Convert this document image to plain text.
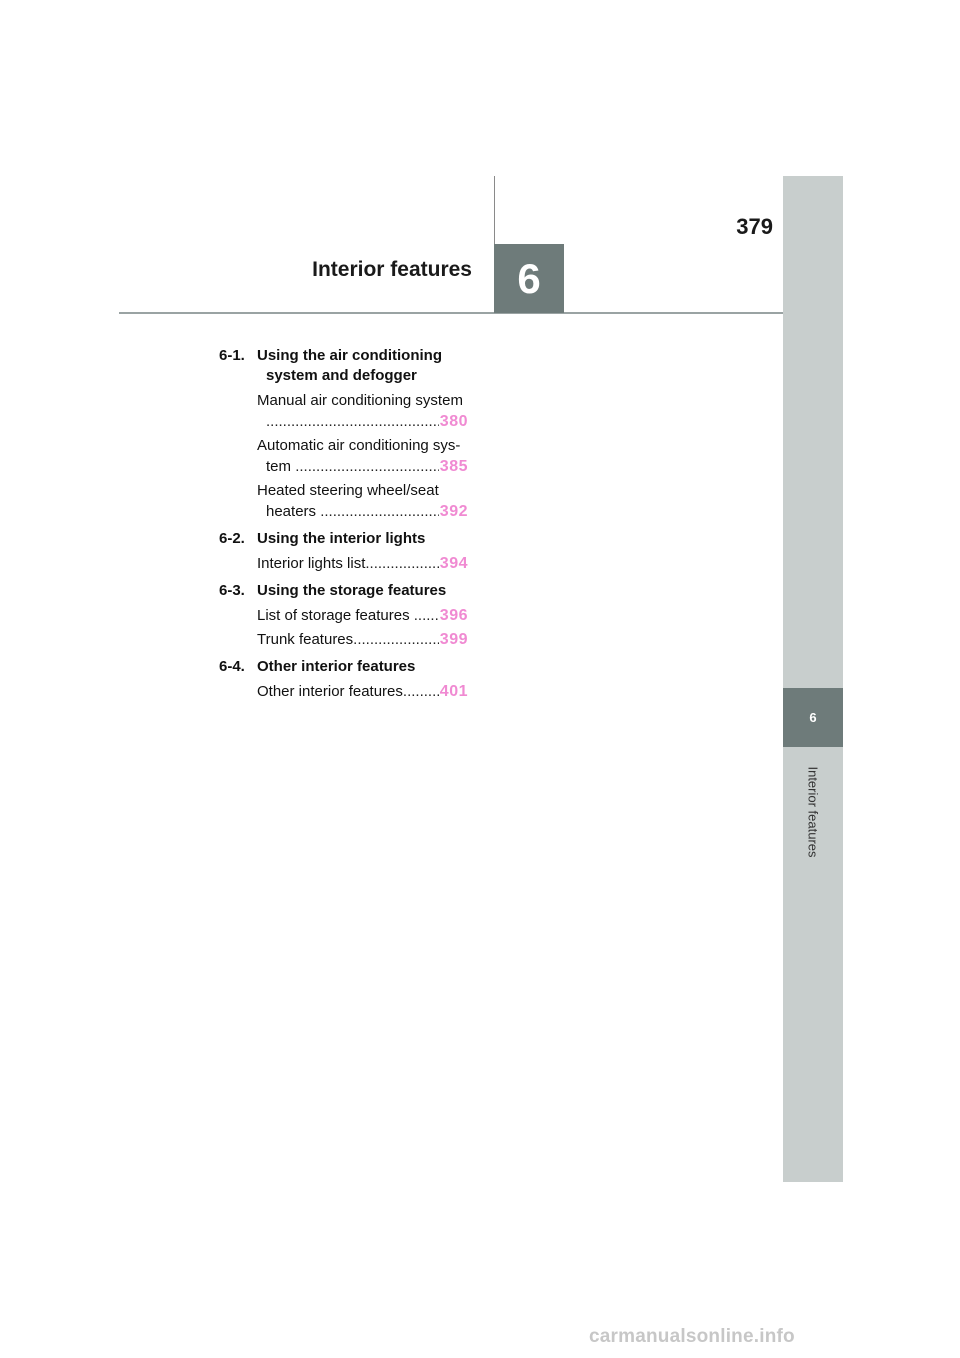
379
Interior features	6
6
Interior features
6-1. Using the air conditioning
system and defogger
Manual air conditioning system
.....
380
Automatic air conditioning sys-
tem .....	385
Heated steering wheel/seat
heaters .....	392
6-2. Using the interior lights
Interior lights list .....	394
6-3. Using the storage features
List of storage features ..... 396
Trunk features .....	399
6-4. Other interior features
Other interior features ..... 401
carmanualsonline.info
